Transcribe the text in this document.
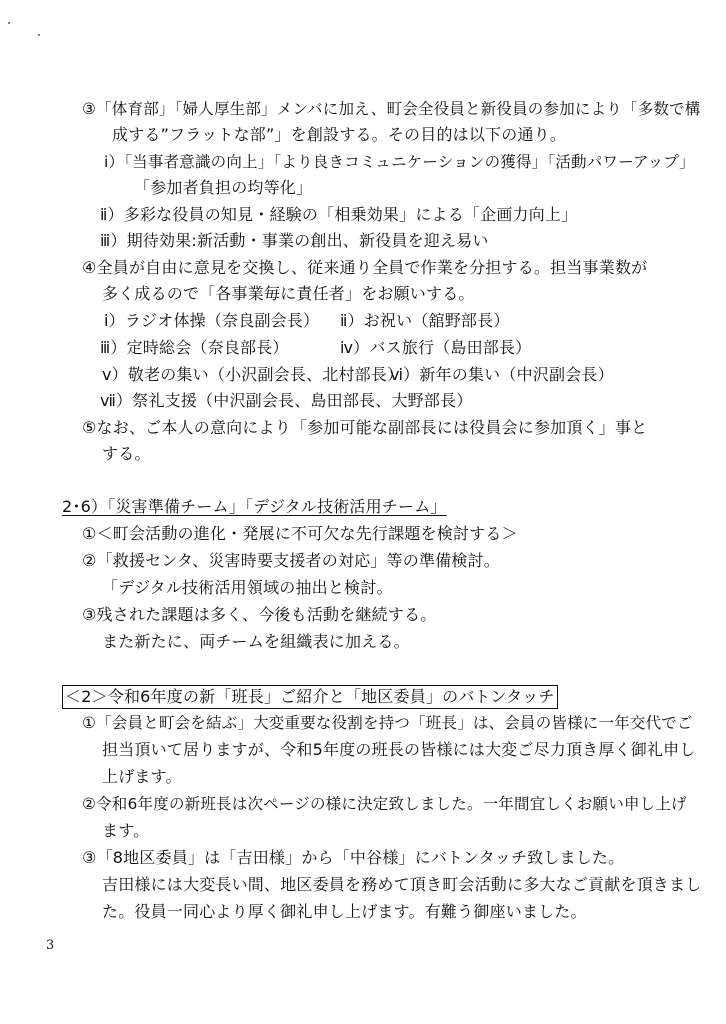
③「体育部」「婦人厚生部」メンバに加え、町会全役員と新役員の参加により「多数で構
成する”フラットな部”」を創設する。その目的は以下の通り。
ⅰ）「当事者意識の向上」「より良きコミュニケーションの獲得」「活動パワーアップ」
「参加者負担の均等化」
ⅱ）多彩な役員の知見・経験の「相乗効果」による「企画力向上」
ⅲ）期待効果:新活動・事業の創出、新役員を迎え易い
④全員が自由に意見を交換し、従来通り全員で作業を分担する。担当事業数が
多く成るので「各事業毎に責任者」をお願いする。
ⅰ）ラジオ体操（奈良副会長） ⅱ）お祝い（舘野部長）
ⅲ）定時総会（奈良部長）	ⅳ）バス旅行（島田部長）
ⅴ）敬老の集い（小沢副会長、北村部長）
ⅵ）新年の集い（中沢副会長）
ⅶ）祭礼支援（中沢副会長、島田部長、大野部長）
⑤なお、ご本人の意向により「参加可能な副部長には役員会に参加頂く」事と
する。
2･6）「災害準備チーム」「デジタル技術活用チーム」
①＜町会活動の進化・発展に不可欠な先行課題を検討する＞
②「救援センタ、災害時要支援者の対応」等の準備検討。
「デジタル技術活用領域の抽出と検討。
③残された課題は多く、今後も活動を継続する。
また新たに、両チームを組織表に加える。
＜2＞令和6年度の新「班長」ご紹介と「地区委員」のバトンタッチ
①「会員と町会を結ぶ」大変重要な役割を持つ「班長」は、会員の皆様に一年交代でご
担当頂いて居りますが、令和5年度の班長の皆様には大変ご尽力頂き厚く御礼申し
上げます。
②令和6年度の新班長は次ページの様に決定致しました。一年間宜しくお願い申し上げ
ます。
③「8地区委員」は「吉田様」から「中谷様」にバトンタッチ致しました。
吉田様には大変長い間、地区委員を務めて頂き町会活動に多大なご貢献を頂きまし
た。役員一同心より厚く御礼申し上げます。有難う御座いました。
3
